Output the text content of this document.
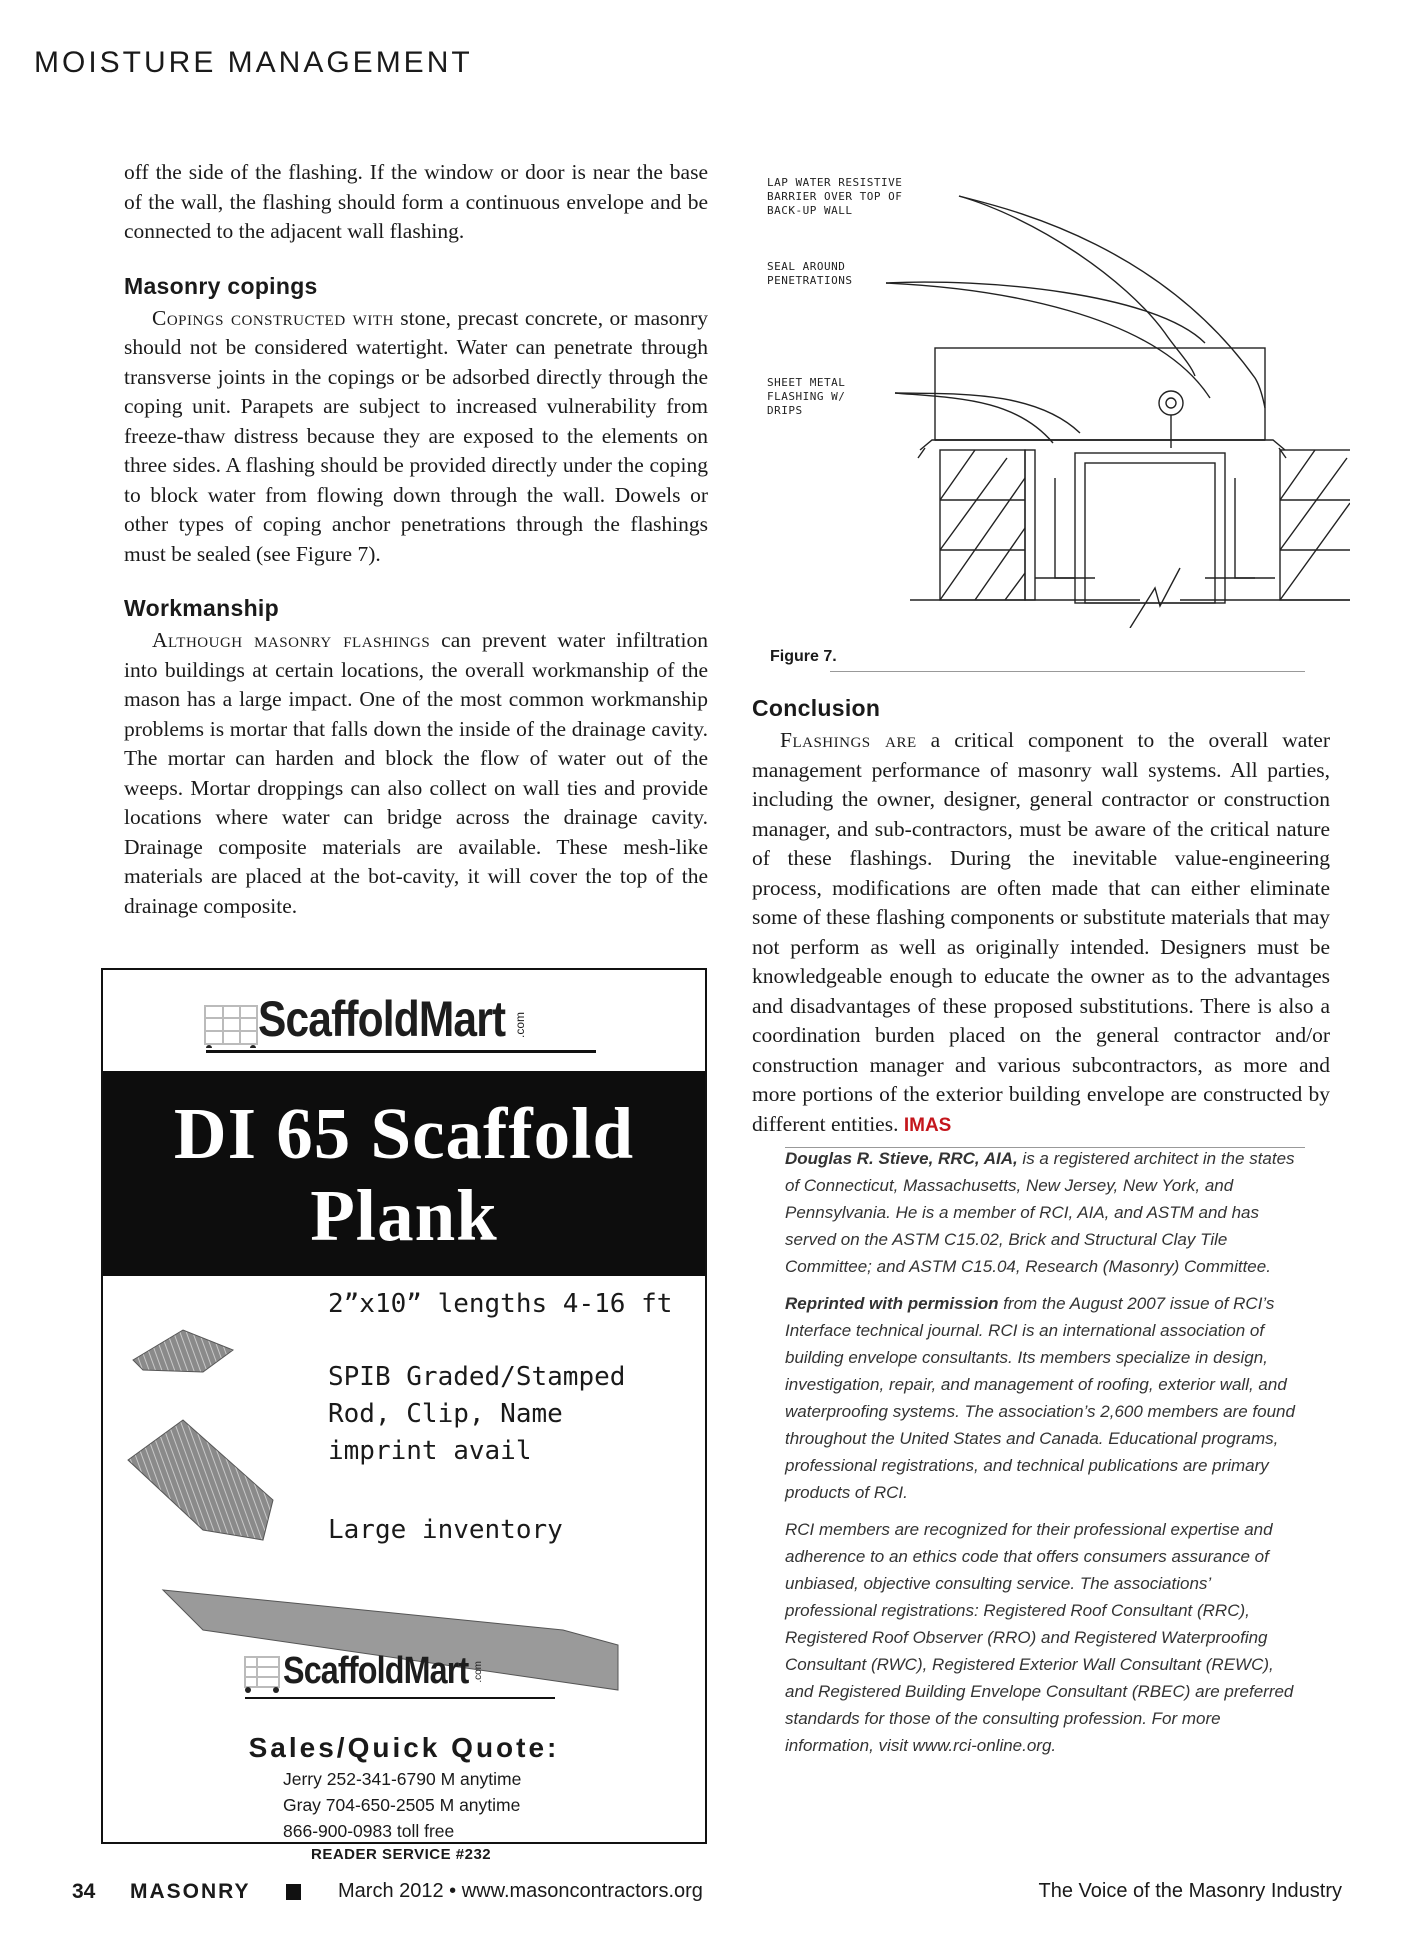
MOISTURE MANAGEMENT

off the side of the flashing. If the window or door is near the base of the wall, the flashing should form a continuous envelope and be connected to the adjacent wall flashing.

Masonry copings

Copings constructed with stone, precast concrete, or masonry should not be considered watertight. Water can penetrate through transverse joints in the copings or be adsorbed directly through the coping unit. Parapets are subject to increased vulnerability from freeze-thaw distress because they are exposed to the elements on three sides. A flashing should be provided directly under the coping to block water from flowing down through the wall. Dowels or other types of coping anchor penetrations through the flashings must be sealed (see Figure 7).

Workmanship

Although masonry flashings can prevent water infiltration into buildings at certain locations, the overall workmanship of the mason has a large impact. One of the most common workmanship problems is mortar that falls down the inside of the drainage cavity. The mortar can harden and block the flow of water out of the weeps. Mortar droppings can also collect on wall ties and provide locations where water can bridge across the drainage cavity. Drainage composite materials are available. These mesh-like materials are placed at the bot-cavity, it will cover the top of the drainage composite.

LAP WATER RESISTIVE
BARRIER OVER TOP OF
BACK-UP WALL
SEAL AROUND
PENETRATIONS
SHEET METAL
FLASHING W/
DRIPS
Figure 7.
Conclusion

Flashings are a critical component to the overall water management performance of masonry wall systems. All parties, including the owner, designer, general contractor or construction manager, and sub-contractors, must be aware of the critical nature of these flashings. During the inevitable value-engineering process, modifications are often made that can either eliminate some of these flashing components or substitute materials that may not perform as well as originally intended. Designers must be knowledgeable enough to educate the owner as to the advantages and disadvantages of these proposed substitutions. There is also a coordination burden placed on the general contractor and/or construction manager and various subcontractors, as more and more portions of the exterior building envelope are constructed by different entities. IMAS

Douglas R. Stieve, RRC, AIA, is a registered architect in the states of Connecticut, Massachusetts, New Jersey, New York, and Pennsylvania. He is a member of RCI, AIA, and ASTM and has served on the ASTM C15.02, Brick and Structural Clay Tile Committee; and ASTM C15.04, Research (Masonry) Committee.

Reprinted with permission from the August 2007 issue of RCI’s Interface technical journal. RCI is an international association of building envelope consultants. Its members specialize in design, investigation, repair, and management of roofing, exterior wall, and waterproofing systems. The association’s 2,600 members are found throughout the United States and Canada. Educational programs, professional registrations, and technical publications are primary products of RCI.

RCI members are recognized for their professional expertise and adherence to an ethics code that offers consumers assurance of unbiased, objective consulting service. The associations’ professional registrations: Registered Roof Consultant (RRC), Registered Roof Observer (RRO) and Registered Waterproofing Consultant (RWC), Registered Exterior Wall Consultant (REWC), and Registered Building Envelope Consultant (RBEC) are preferred standards for those of the consulting profession. For more information, visit www.rci-online.org.

ScaffoldMart .com
DI 65 Scaffold
Plank
2”x10” lengths 4-16 ft
SPIB Graded/Stamped
Rod, Clip, Name
imprint avail
Large inventory
ScaffoldMart .com
Sales/Quick Quote:
Jerry 252-341-6790 M anytime
Gray 704-650-2505 M anytime
866-900-0983 toll free
READER SERVICE #232
34 MASONRY	March 2012 • www.masoncontractors.org	The Voice of the Masonry Industry
